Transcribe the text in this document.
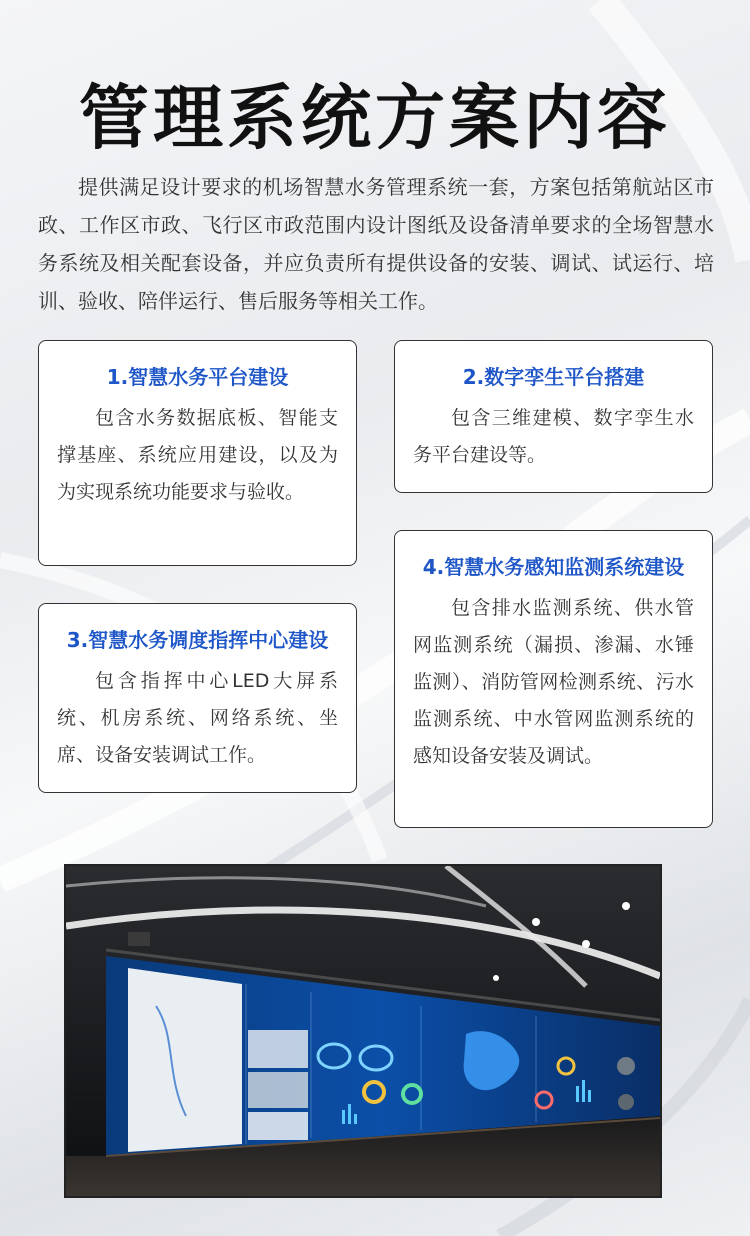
管理系统方案内容

提供满足设计要求的机场智慧水务管理系统一套，方案包括第航站区市政、工作区市政、飞行区市政范围内设计图纸及设备清单要求的全场智慧水务系统及相关配套设备，并应负责所有提供设备的安装、调试、试运行、培训、验收、陪伴运行、售后服务等相关工作。

1.智慧水务平台建设

包含水务数据底板、智能支撑基座、系统应用建设，以及为为实现系统功能要求与验收。

2.数字孪生平台搭建

包含三维建模、数字孪生水务平台建设等。

3.智慧水务调度指挥中心建设

包含指挥中心LED大屏系统、机房系统、网络系统、坐席、设备安装调试工作。

4.智慧水务感知监测系统建设

包含排水监测系统、供水管网监测系统（漏损、渗漏、水锤监测）、消防管网检测系统、污水监测系统、中水管网监测系统的感知设备安装及调试。
